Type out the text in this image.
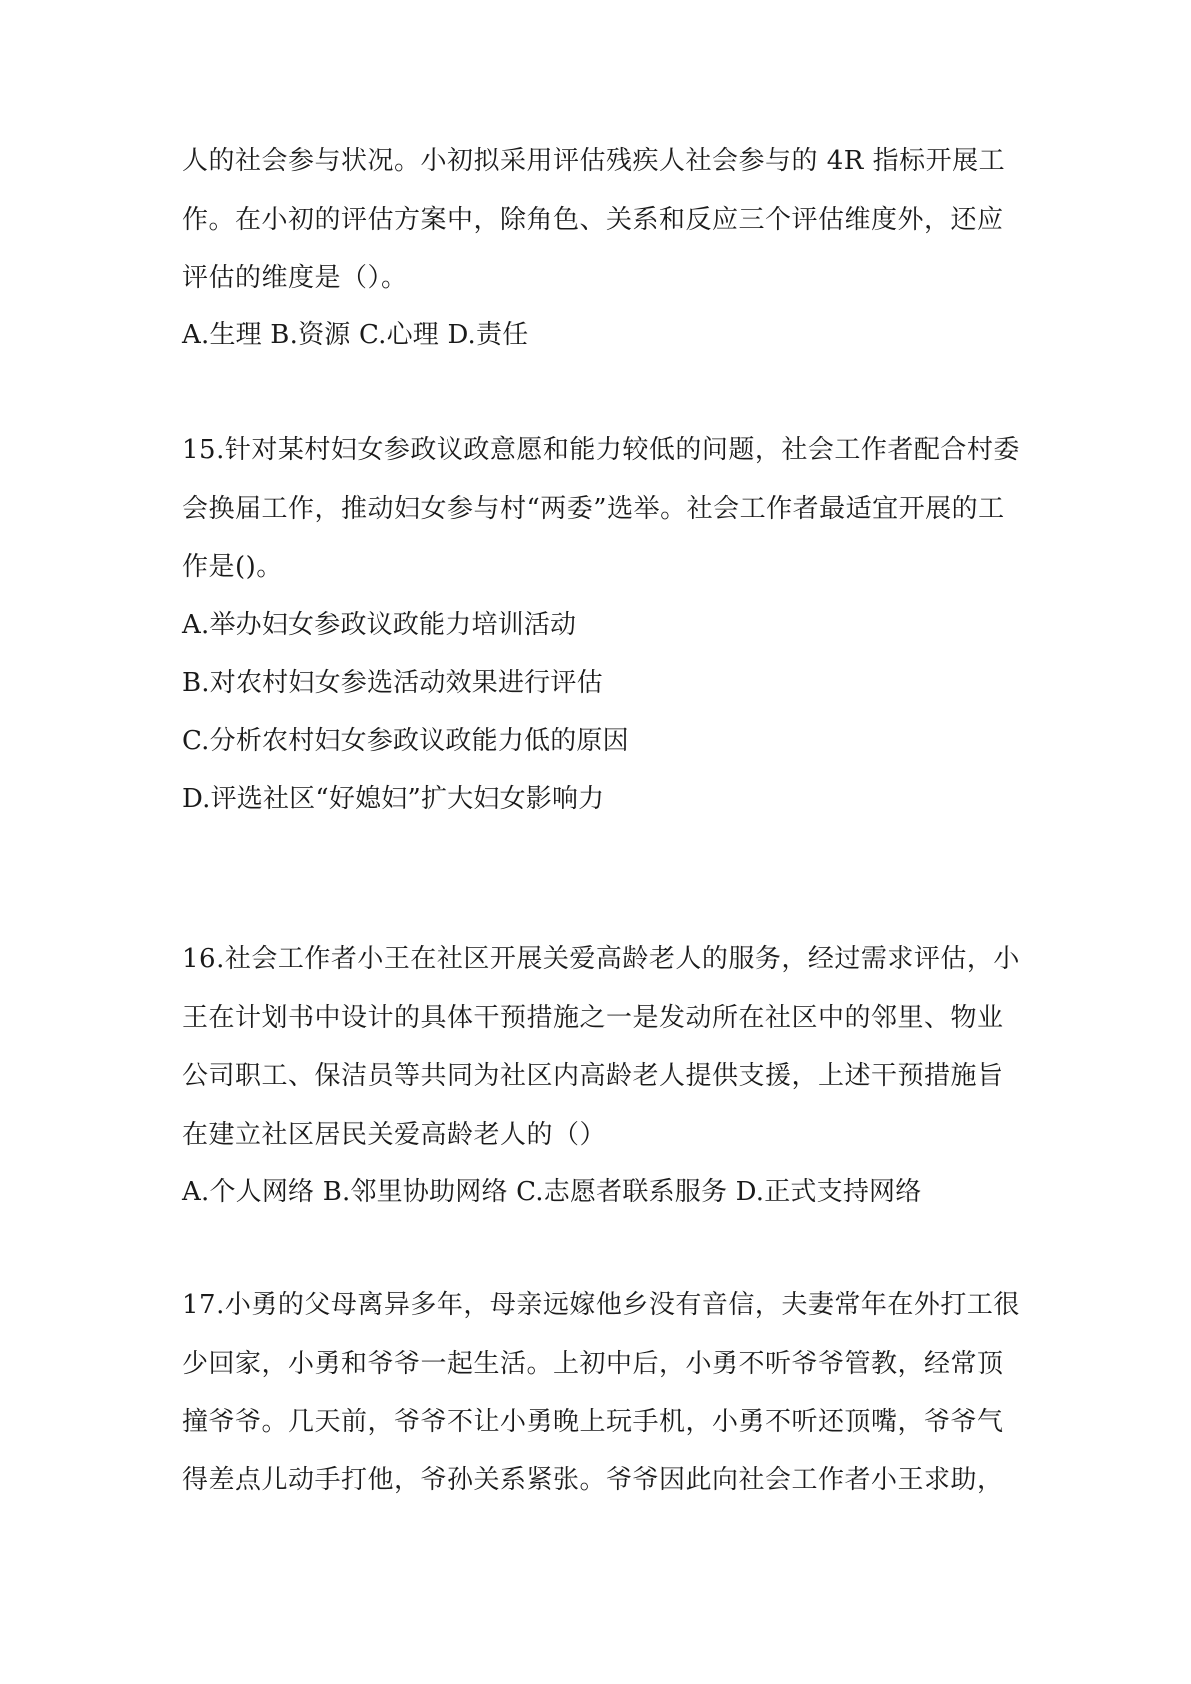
人的社会参与状况。小初拟采用评估残疾人社会参与的 4R 指标开展工
作。在小初的评估方案中，除角色、关系和反应三个评估维度外，还应
评估的维度是（）。
A.生理 B.资源 C.心理 D.责任
15.针对某村妇女参政议政意愿和能力较低的问题，社会工作者配合村委
会换届工作，推动妇女参与村“两委”选举。社会工作者最适宜开展的工
作是()。
A.举办妇女参政议政能力培训活动
B.对农村妇女参选活动效果进行评估
C.分析农村妇女参政议政能力低的原因
D.评选社区“好媳妇”扩大妇女影响力
16.社会工作者小王在社区开展关爱高龄老人的服务，经过需求评估，小
王在计划书中设计的具体干预措施之一是发动所在社区中的邻里、物业
公司职工、保洁员等共同为社区内高龄老人提供支援，上述干预措施旨
在建立社区居民关爱高龄老人的（）
A.个人网络 B.邻里协助网络 C.志愿者联系服务 D.正式支持网络
17.小勇的父母离异多年，母亲远嫁他乡没有音信，夫妻常年在外打工很
少回家，小勇和爷爷一起生活。上初中后，小勇不听爷爷管教，经常顶
撞爷爷。几天前，爷爷不让小勇晚上玩手机，小勇不听还顶嘴，爷爷气
得差点儿动手打他，爷孙关系紧张。爷爷因此向社会工作者小王求助，
